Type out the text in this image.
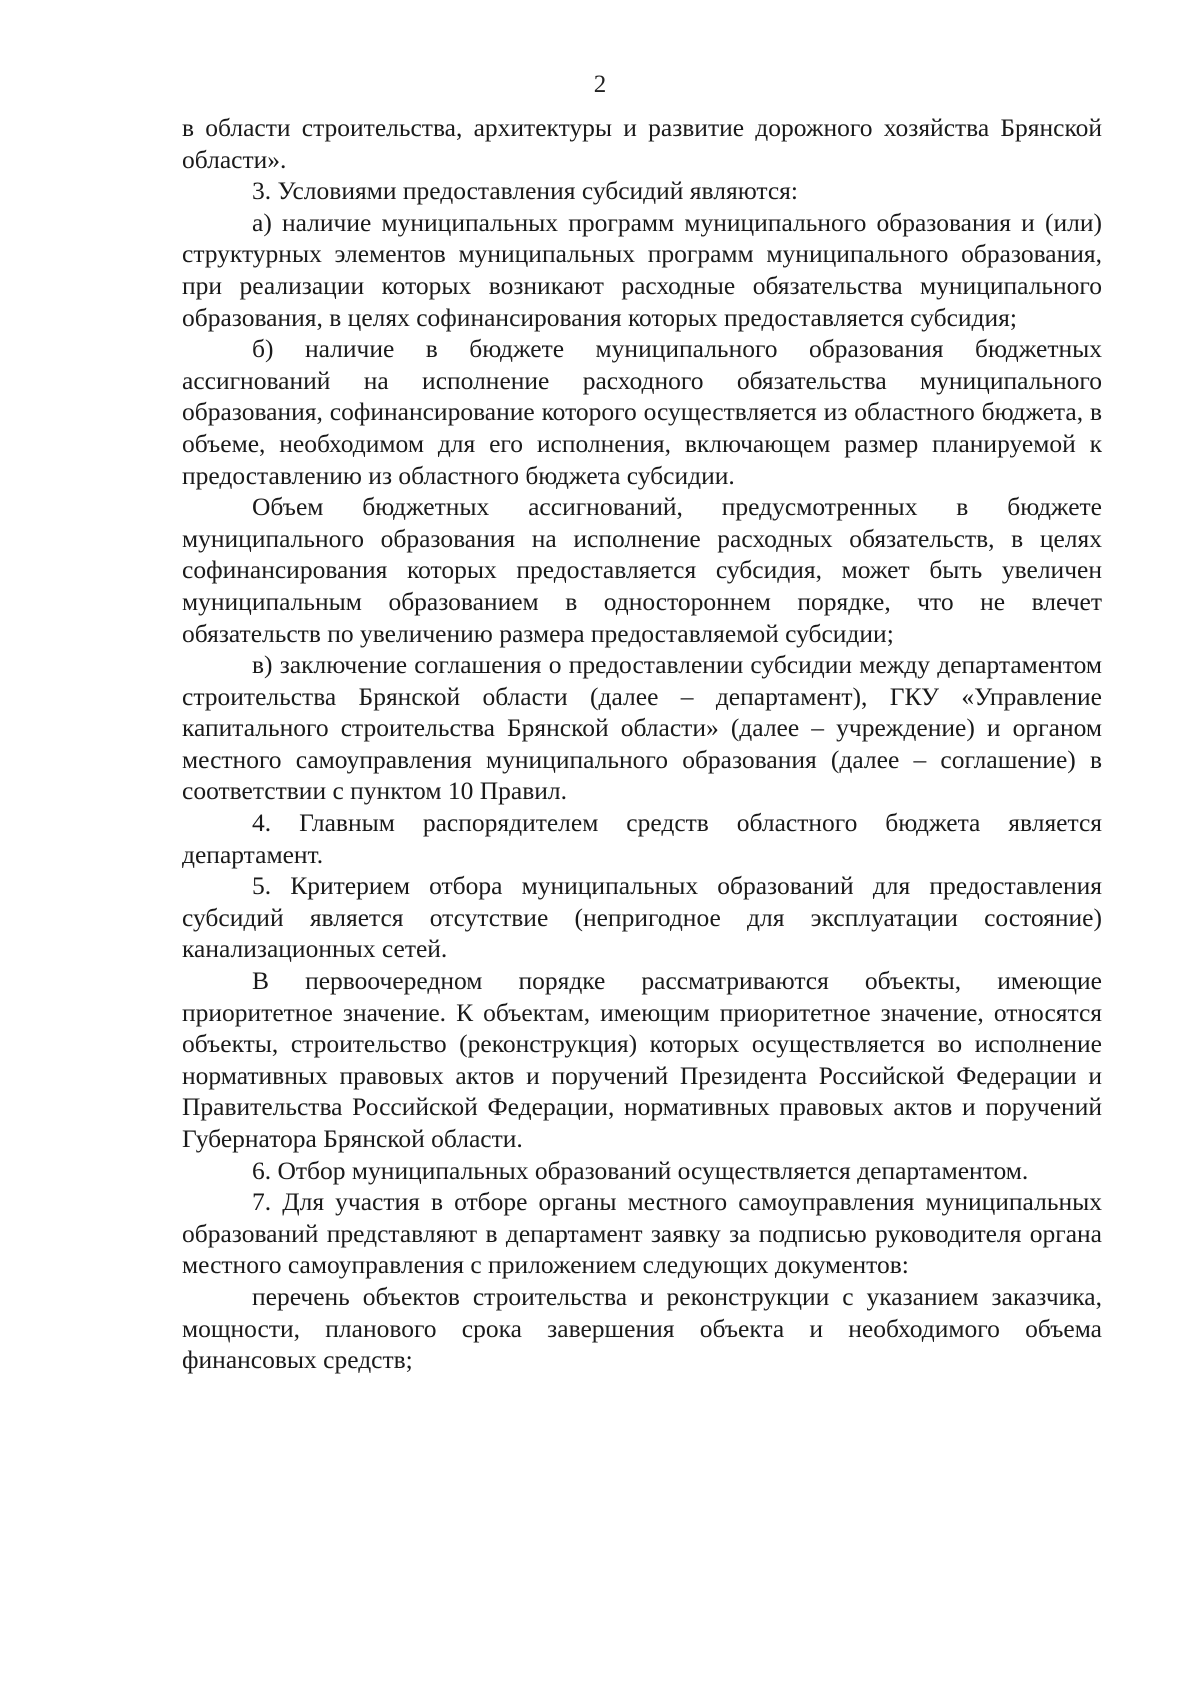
2

в области строительства, архитектуры и развитие дорожного хозяйства Брянской области».

3. Условиями предоставления субсидий являются:

а) наличие муниципальных программ муниципального образования и (или) структурных элементов муниципальных программ муниципального образования, при реализации которых возникают расходные обязательства муниципального образования, в целях софинансирования которых предоставляется субсидия;

б) наличие в бюджете муниципального образования бюджетных ассигнований на исполнение расходного обязательства муниципального образования, софинансирование которого осуществляется из областного бюджета, в объеме, необходимом для его исполнения, включающем размер планируемой к предоставлению из областного бюджета субсидии.

Объем бюджетных ассигнований, предусмотренных в бюджете муниципального образования на исполнение расходных обязательств, в целях софинансирования которых предоставляется субсидия, может быть увеличен муниципальным образованием в одностороннем порядке, что не влечет обязательств по увеличению размера предоставляемой субсидии;

в) заключение соглашения о предоставлении субсидии между департаментом строительства Брянской области (далее – департамент), ГКУ «Управление капитального строительства Брянской области» (далее – учреждение) и органом местного самоуправления муниципального образования (далее – соглашение) в соответствии с пунктом 10 Правил.

4. Главным распорядителем средств областного бюджета является департамент.

5. Критерием отбора муниципальных образований для предоставления субсидий является отсутствие (непригодное для эксплуатации состояние) канализационных сетей.

В первоочередном порядке рассматриваются объекты, имеющие приоритетное значение. К объектам, имеющим приоритетное значение, относятся объекты, строительство (реконструкция) которых осуществляется во исполнение нормативных правовых актов и поручений Президента Российской Федерации и Правительства Российской Федерации, нормативных правовых актов и поручений Губернатора Брянской области.

6. Отбор муниципальных образований осуществляется департаментом.

7. Для участия в отборе органы местного самоуправления муниципальных образований представляют в департамент заявку за подписью руководителя органа местного самоуправления с приложением следующих документов:

перечень объектов строительства и реконструкции с указанием заказчика, мощности, планового срока завершения объекта и необходимого объема финансовых средств;
